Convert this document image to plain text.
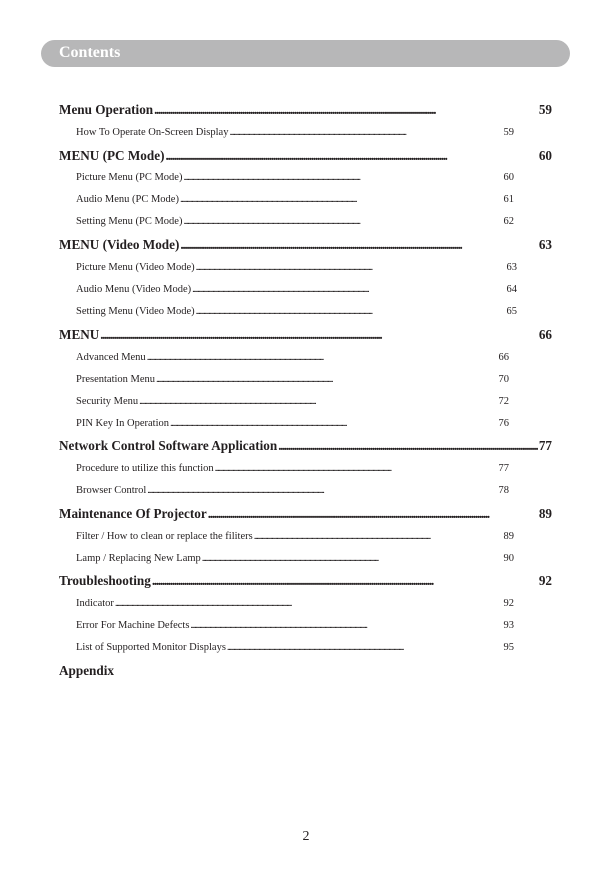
Contents
Menu Operation . . .	59
How To Operate On-Screen Display . . .	59
MENU (PC Mode) . . .	60
Picture Menu (PC Mode) . . .	60
Audio Menu (PC Mode) . . .	61
Setting Menu (PC Mode) . . .	62
MENU (Video Mode) . . .	63
Picture Menu (Video Mode) . . .	63
Audio Menu (Video Mode) . . .	64
Setting Menu (Video Mode) . . .	65
MENU . . .	66
Advanced Menu . . .	66
Presentation Menu . . .	70
Security Menu . . .	72
PIN Key In Operation . . .	76
Network Control Software Application . . .	77
Procedure to utilize this function . . .	77
Browser Control . . .	78
Maintenance Of Projector . . .	89
Filter / How to clean or replace the filiters . . .	89
Lamp / Replacing New Lamp . . .	90
Troubleshooting . . .	92
Indicator . . .	92
Error For Machine Defects . . .	93
List of Supported Monitor Displays . . .	95
Appendix
2
